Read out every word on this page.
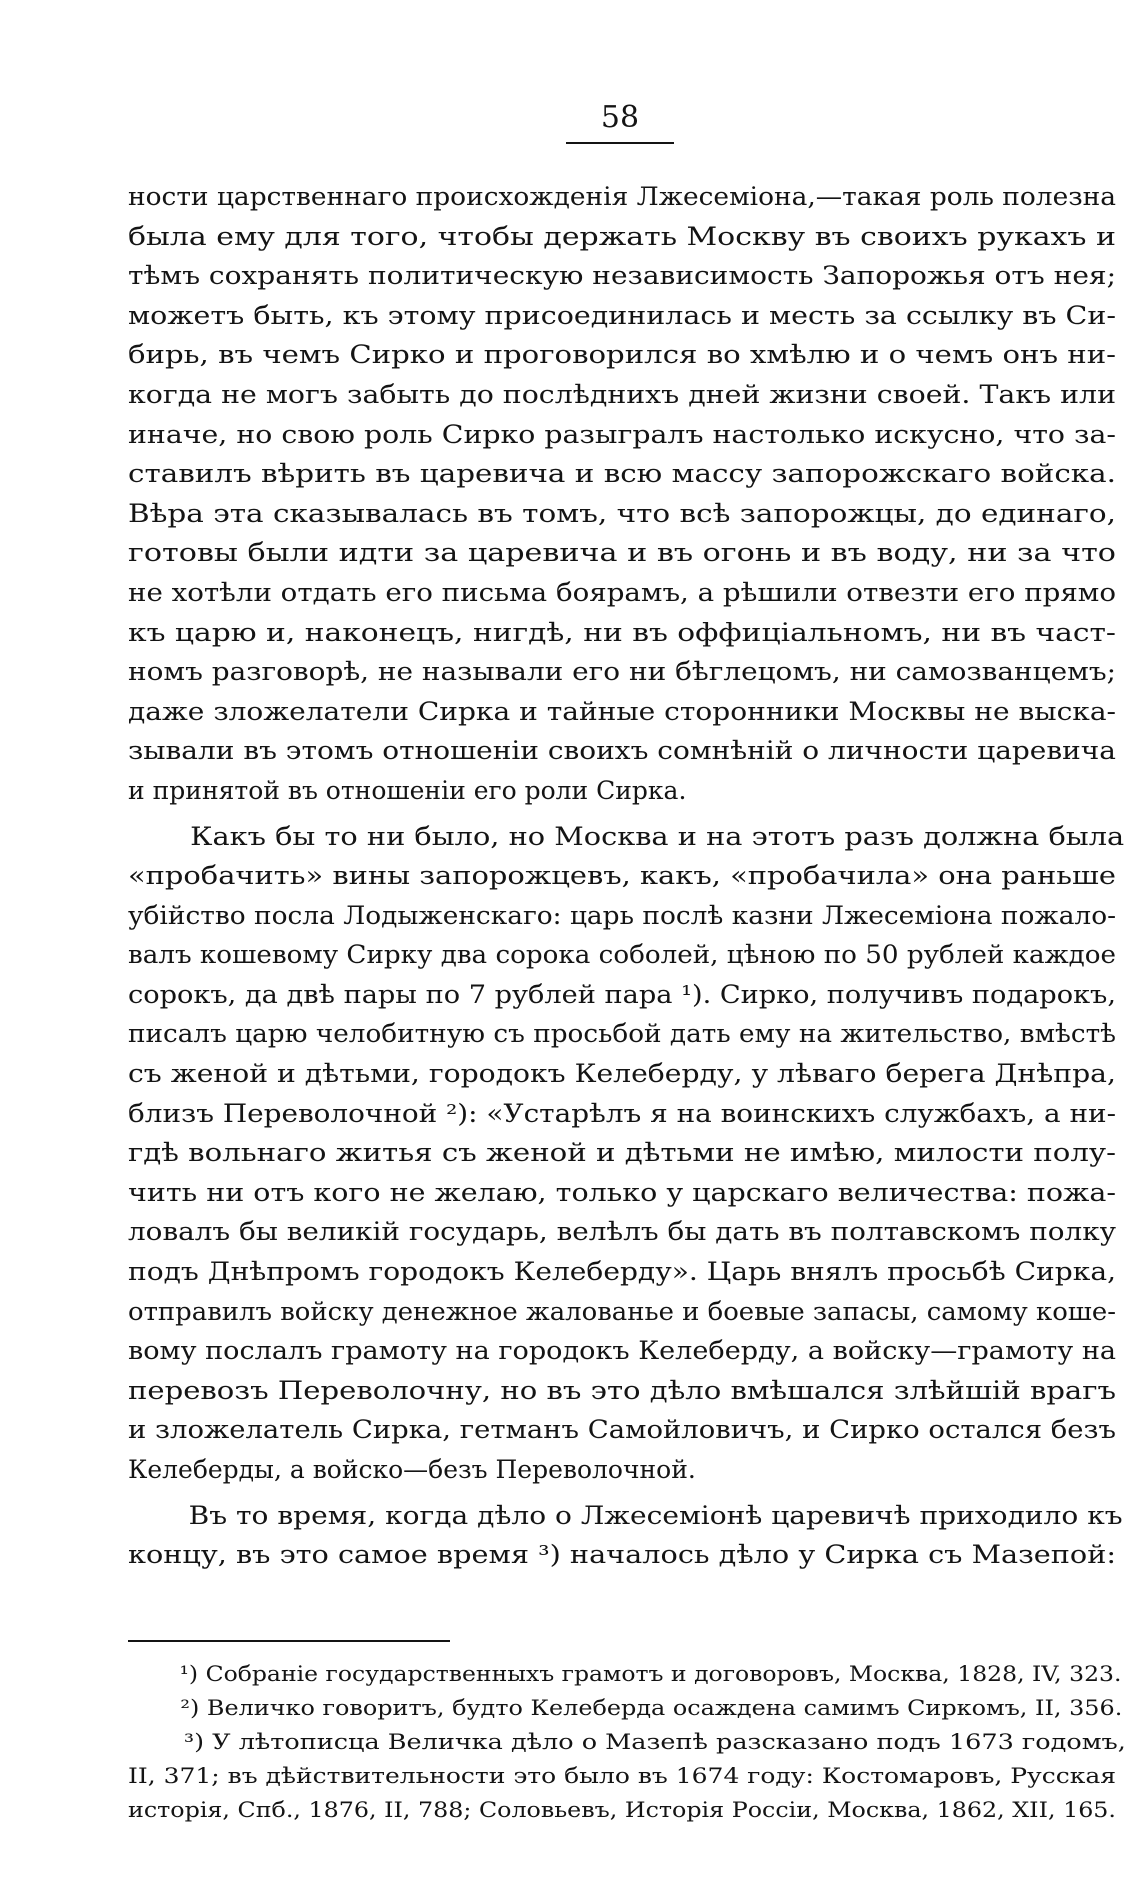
58
ности царственнаго происхожденія Лжесеміона,—такая роль полезна
была ему для того, чтобы держать Москву въ своихъ рукахъ и
тѣмъ сохранять политическую независимость Запорожья отъ нея;
можетъ быть, къ этому присоединилась и месть за ссылку въ Си-
бирь, въ чемъ Сирко и проговорился во хмѣлю и о чемъ онъ ни-
когда не могъ забыть до послѣднихъ дней жизни своей. Такъ или
иначе, но свою роль Сирко разыгралъ настолько искусно, что за-
ставилъ вѣрить въ царевича и всю массу запорожскаго войска.
Вѣра эта сказывалась въ томъ, что всѣ запорожцы, до единаго,
готовы были идти за царевича и въ огонь и въ воду, ни за что
не хотѣли отдать его письма боярамъ, а рѣшили отвезти его прямо
къ царю и, наконецъ, нигдѣ, ни въ оффиціальномъ, ни въ част-
номъ разговорѣ, не называли его ни бѣглецомъ, ни самозванцемъ;
даже зложелатели Сирка и тайные сторонники Москвы не выска-
зывали въ этомъ отношеніи своихъ сомнѣній о личности царевича
и принятой въ отношеніи его роли Сирка.
Какъ бы то ни было, но Москва и на этотъ разъ должна была
«пробачить» вины запорожцевъ, какъ, «пробачила» она раньше
убійство посла Лодыженскаго: царь послѣ казни Лжесеміона пожало-
валъ кошевому Сирку два сорока соболей, цѣною по 50 рублей каждое
сорокъ, да двѣ пары по 7 рублей пара ¹). Сирко, получивъ подарокъ,
писалъ царю челобитную съ просьбой дать ему на жительство, вмѣстѣ
съ женой и дѣтьми, городокъ Келеберду, у лѣваго берега Днѣпра,
близъ Переволочной ²): «Устарѣлъ я на воинскихъ службахъ, а ни-
гдѣ вольнаго житья съ женой и дѣтьми не имѣю, милости полу-
чить ни отъ кого не желаю, только у царскаго величества: пожа-
ловалъ бы великій государь, велѣлъ бы дать въ полтавскомъ полку
подъ Днѣпромъ городокъ Келеберду». Царь внялъ просьбѣ Сирка,
отправилъ войску денежное жалованье и боевые запасы, самому коше-
вому послалъ грамоту на городокъ Келеберду, а войску—грамоту на
перевозъ Переволочну, но въ это дѣло вмѣшался злѣйшій врагъ
и зложелатель Сирка, гетманъ Самойловичъ, и Сирко остался безъ
Келеберды, а войско—безъ Переволочной.
Въ то время, когда дѣло о Лжесеміонѣ царевичѣ приходило къ
концу, въ это самое время ³) началось дѣло у Сирка съ Мазепой:
¹) Собраніе государственныхъ грамотъ и договоровъ, Москва, 1828, IV, 323.
²) Величко говоритъ, будто Келеберда осаждена самимъ Сиркомъ, II, 356.
³) У лѣтописца Величка дѣло о Мазепѣ разсказано подъ 1673 годомъ,
II, 371; въ дѣйствительности это было въ 1674 году: Костомаровъ, Русская
исторія, Спб., 1876, II, 788; Соловьевъ, Исторія Россіи, Москва, 1862, XII, 165.
